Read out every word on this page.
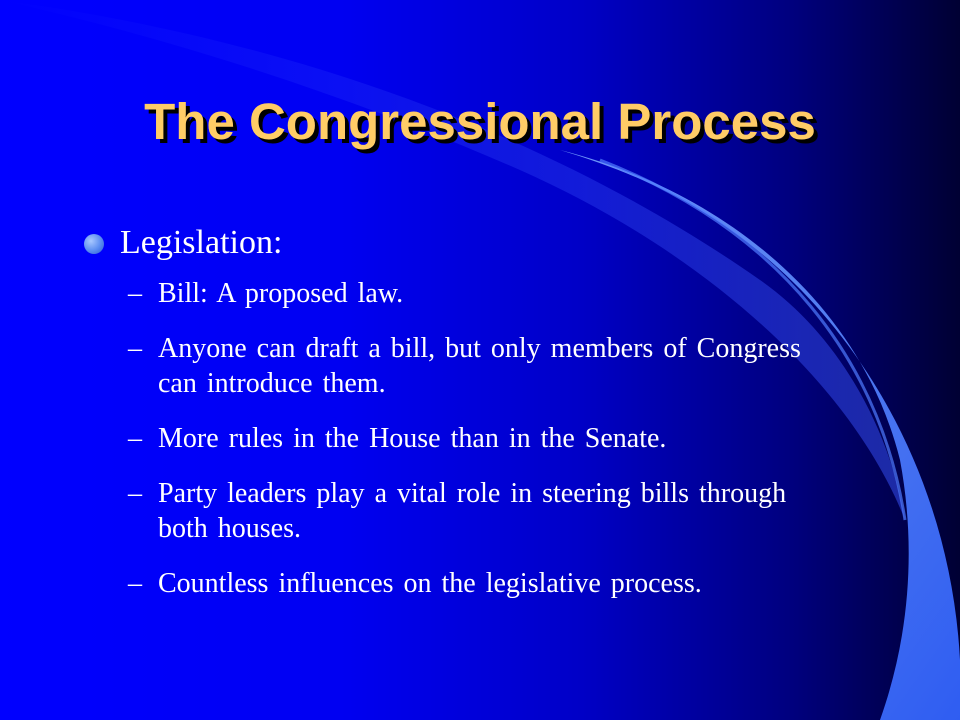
The Congressional Process
Legislation:
– Bill: A proposed law.
– Anyone can draft a bill, but only members of Congress can introduce them.
– More rules in the House than in the Senate.
– Party leaders play a vital role in steering bills through both houses.
– Countless influences on the legislative process.
